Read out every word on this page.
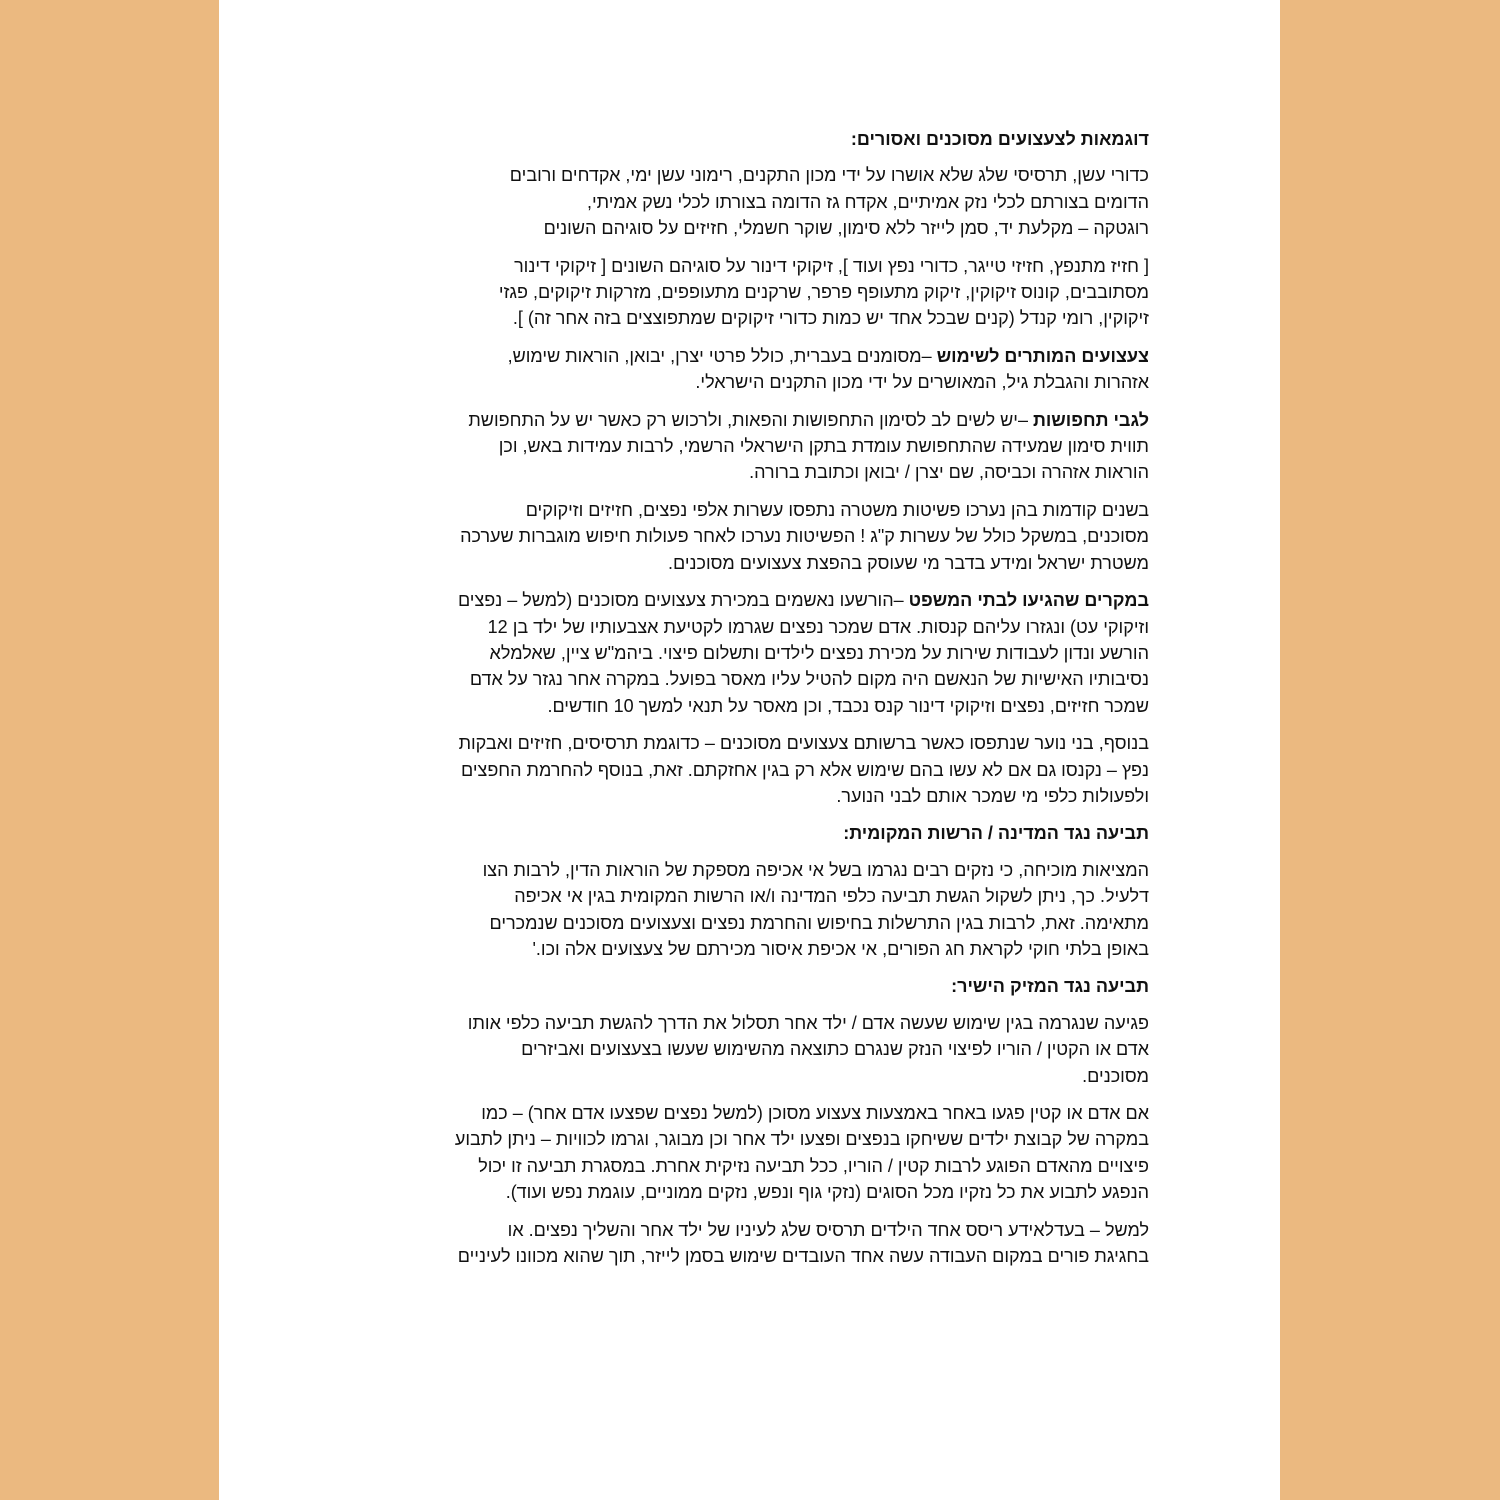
דוגמאות לצעצועים מסוכנים ואסורים:

כדורי עשן, תרסיסי שלג שלא אושרו על ידי מכון התקנים, רימוני עשן ימי, אקדחים ורובים
הדומים בצורתם לכלי נזק אמיתיים, אקדח גז הדומה בצורתו לכלי נשק אמיתי,
רוגטקה – מקלעת יד, סמן לייזר ללא סימון, שוקר חשמלי, חזיזים על סוגיהם השונים

[ חזיז מתנפץ, חזיזי טייגר, כדורי נפץ ועוד ], זיקוקי דינור על סוגיהם השונים [ זיקוקי דינור
מסתובבים, קונוס זיקוקין, זיקוק מתעופף פרפר, שרקנים מתעופפים, מזרקות זיקוקים, פגזי
זיקוקין, רומי קנדל (קנים שבכל אחד יש כמות כדורי זיקוקים שמתפוצצים בזה אחר זה) ].

צעצועים המותרים לשימוש –מסומנים בעברית, כולל פרטי יצרן, יבואן, הוראות שימוש,
אזהרות והגבלת גיל, המאושרים על ידי מכון התקנים הישראלי.

לגבי תחפושות –יש לשים לב לסימון התחפושות והפאות, ולרכוש רק כאשר יש על התחפושת
תווית סימון שמעידה שהתחפושת עומדת בתקן הישראלי הרשמי, לרבות עמידות באש, וכן
הוראות אזהרה וכביסה, שם יצרן / יבואן וכתובת ברורה.

בשנים קודמות בהן נערכו פשיטות משטרה נתפסו עשרות אלפי נפצים, חזיזים וזיקוקים
מסוכנים, במשקל כולל של עשרות ק"ג ! הפשיטות נערכו לאחר פעולות חיפוש מוגברות שערכה
משטרת ישראל ומידע בדבר מי שעוסק בהפצת צעצועים מסוכנים.

במקרים שהגיעו לבתי המשפט –הורשעו נאשמים במכירת צעצועים מסוכנים (למשל – נפצים
וזיקוקי עט) ונגזרו עליהם קנסות. אדם שמכר נפצים שגרמו לקטיעת אצבעותיו של ילד בן 12
הורשע ונדון לעבודות שירות על מכירת נפצים לילדים ותשלום פיצוי. ביהמ"ש ציין, שאלמלא
נסיבותיו האישיות של הנאשם היה מקום להטיל עליו מאסר בפועל. במקרה אחר נגזר על אדם
שמכר חזיזים, נפצים וזיקוקי דינור קנס נכבד, וכן מאסר על תנאי למשך 10 חודשים.

בנוסף, בני נוער שנתפסו כאשר ברשותם צעצועים מסוכנים – כדוגמת תרסיסים, חזיזים ואבקות
נפץ – נקנסו גם אם לא עשו בהם שימוש אלא רק בגין אחזקתם. זאת, בנוסף להחרמת החפצים
ולפעולות כלפי מי שמכר אותם לבני הנוער.

תביעה נגד המדינה / הרשות המקומית:

המציאות מוכיחה, כי נזקים רבים נגרמו בשל אי אכיפה מספקת של הוראות הדין, לרבות הצו
דלעיל. כך, ניתן לשקול הגשת תביעה כלפי המדינה ו/או הרשות המקומית בגין אי אכיפה
מתאימה. זאת, לרבות בגין התרשלות בחיפוש והחרמת נפצים וצעצועים מסוכנים שנמכרים
באופן בלתי חוקי לקראת חג הפורים, אי אכיפת איסור מכירתם של צעצועים אלה וכו.'

תביעה נגד המזיק הישיר:

פגיעה שנגרמה בגין שימוש שעשה אדם / ילד אחר תסלול את הדרך להגשת תביעה כלפי אותו
אדם או הקטין / הוריו לפיצוי הנזק שנגרם כתוצאה מהשימוש שעשו בצעצועים ואביזרים
מסוכנים.

אם אדם או קטין פגעו באחר באמצעות צעצוע מסוכן (למשל נפצים שפצעו אדם אחר) – כמו
במקרה של קבוצת ילדים ששיחקו בנפצים ופצעו ילד אחר וכן מבוגר, וגרמו לכוויות – ניתן לתבוע
פיצויים מהאדם הפוגע לרבות קטין / הוריו, ככל תביעה נזיקית אחרת. במסגרת תביעה זו יכול
הנפגע לתבוע את כל נזקיו מכל הסוגים (נזקי גוף ונפש, נזקים ממוניים, עוגמת נפש ועוד).

למשל – בעדלאידע ריסס אחד הילדים תרסיס שלג לעיניו של ילד אחר והשליך נפצים. או
בחגיגת פורים במקום העבודה עשה אחד העובדים שימוש בסמן לייזר, תוך שהוא מכוונו לעיניים
